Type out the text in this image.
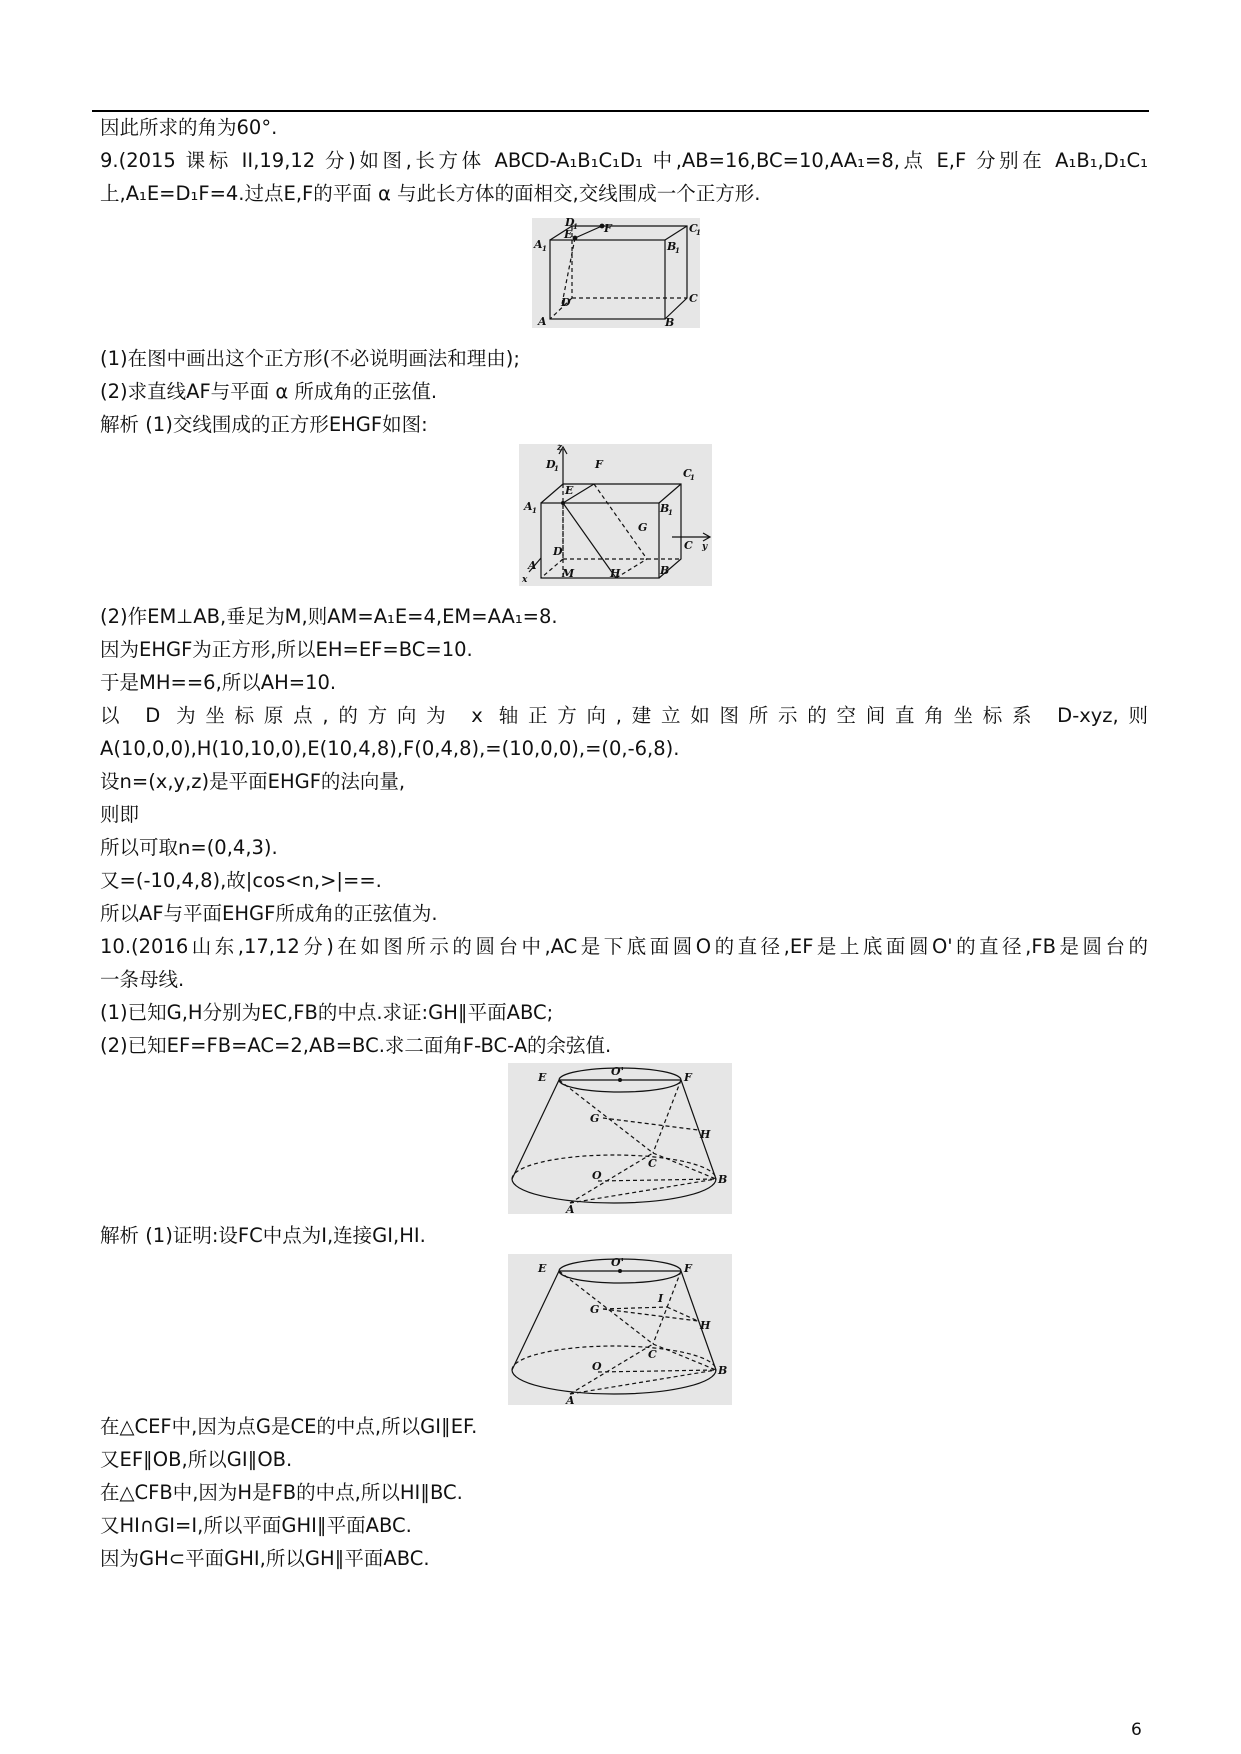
因此所求的角为60°.
9.(2015 课标 II,19,12 分)如图,长方体 ABCD-A₁B₁C₁D₁ 中,AB=16,BC=10,AA₁=8,点 E,F 分别在 A₁B₁,D₁C₁
上,A₁E=D₁F=4.过点E,F的平面 α 与此长方体的面相交,交线围成一个正方形.
D
1 F	C
1
A 1
E
B
1
D	C
A	B
(1)在图中画出这个正方形(不必说明画法和理由);
(2)求直线AF与平面 α 所成角的正弦值.
解析 (1)交线围成的正方形EHGF如图:
z
D
1	F
C
1
A 1
E
G
B
1
D	y
C
A
M	H	B
x
(2)作EM⊥AB,垂足为M,则AM=A₁E=4,EM=AA₁=8.
因为EHGF为正方形,所以EH=EF=BC=10.
于是MH==6,所以AH=10.
以 D 为坐标原点,的方向为 x 轴正方向,建立如图所示的空间直角坐标系 D-xyz,则
A(10,0,0),H(10,10,0),E(10,4,8),F(0,4,8),=(10,0,0),=(0,-6,8).
设n=(x,y,z)是平面EHGF的法向量,
则即
所以可取n=(0,4,3).
又=(-10,4,8),故|cos<n,>|==.
所以AF与平面EHGF所成角的正弦值为.
10.(2016山东,17,12分)在如图所示的圆台中,AC是下底面圆O的直径,EF是上底面圆O'的直径,FB是圆台的
一条母线.
(1)已知G,H分别为EC,FB的中点.求证:GH∥平面ABC;
(2)已知EF=FB=AC=2,AB=BC.求二面角F-BC-A的余弦值.
E	O'	F
G
H
C
O	B
A
解析 (1)证明:设FC中点为I,连接GI,HI.
E	O'	F
I
G
H
C
O	B
A
在△CEF中,因为点G是CE的中点,所以GI∥EF.
又EF∥OB,所以GI∥OB.
在△CFB中,因为H是FB的中点,所以HI∥BC.
又HI∩GI=I,所以平面GHI∥平面ABC.
因为GH⊂平面GHI,所以GH∥平面ABC.
6
